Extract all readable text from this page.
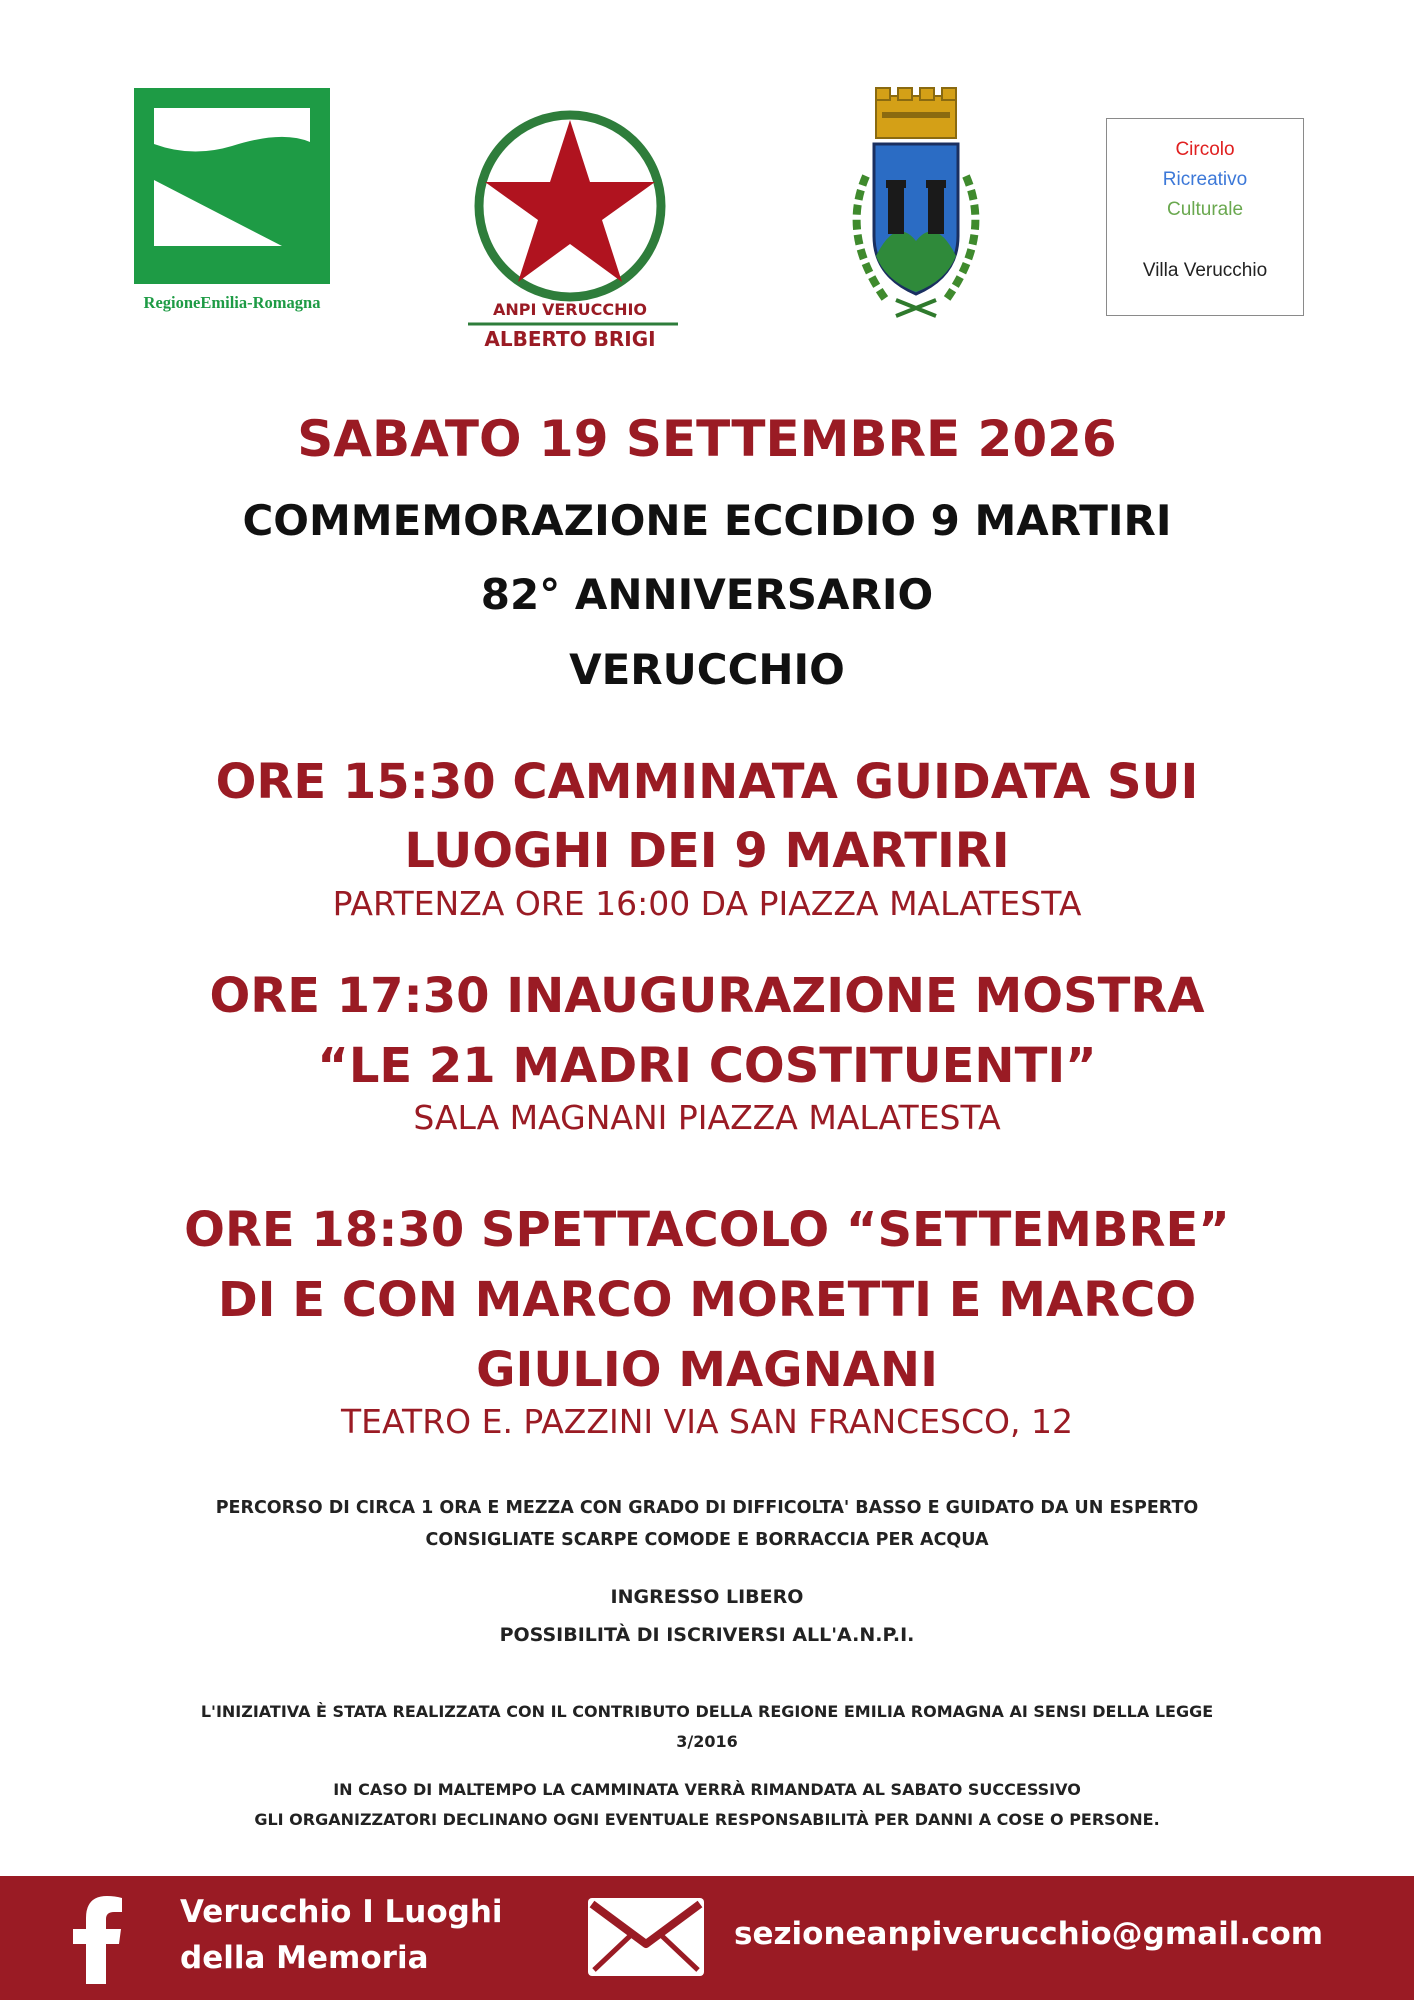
RegioneEmilia-Romagna	ANPI VERUCCHIO
ALBERTO BRIGI
Circolo
Ricreativo
Culturale
Villa Verucchio
SABATO 19 SETTEMBRE 2026
COMMEMORAZIONE ECCIDIO 9 MARTIRI
82° ANNIVERSARIO
VERUCCHIO
ORE 15:30 CAMMINATA GUIDATA SUI
LUOGHI DEI 9 MARTIRI
PARTENZA ORE 16:00 DA PIAZZA MALATESTA
ORE 17:30 INAUGURAZIONE MOSTRA
“LE 21 MADRI COSTITUENTI”
SALA MAGNANI PIAZZA MALATESTA
ORE 18:30 SPETTACOLO “SETTEMBRE”
DI E CON MARCO MORETTI E MARCO
GIULIO MAGNANI
TEATRO E. PAZZINI VIA SAN FRANCESCO, 12
PERCORSO DI CIRCA 1 ORA E MEZZA CON GRADO DI DIFFICOLTA' BASSO E GUIDATO DA UN ESPERTO
CONSIGLIATE SCARPE COMODE E BORRACCIA PER ACQUA
INGRESSO LIBERO
POSSIBILITÀ DI ISCRIVERSI ALL'A.N.P.I.
L'INIZIATIVA È STATA REALIZZATA CON IL CONTRIBUTO DELLA REGIONE EMILIA ROMAGNA AI SENSI DELLA LEGGE
3/2016
IN CASO DI MALTEMPO LA CAMMINATA VERRÀ RIMANDATA AL SABATO SUCCESSIVO
GLI ORGANIZZATORI DECLINANO OGNI EVENTUALE RESPONSABILITÀ PER DANNI A COSE O PERSONE.
Verucchio I Luoghi
della Memoria
sezioneanpiverucchio@gmail.com
